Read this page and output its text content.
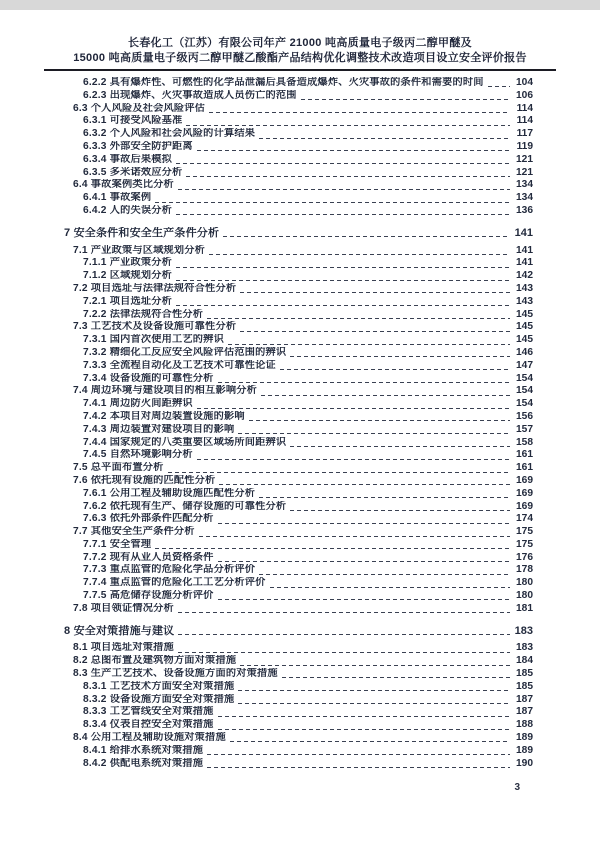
长春化工（江苏）有限公司年产 21000 吨高质量电子级丙二醇甲醚及
15000 吨高质量电子级丙二醇甲醚乙酸酯产品结构优化调整技术改造项目设立安全评价报告
6.2.2 具有爆炸性、可燃性的化学品泄漏后具备造成爆炸、火灾事故的条件和需要的时间	104
6.2.3 出现爆炸、火灾事故造成人员伤亡的范围	106
6.3 个人风险及社会风险评估	114
6.3.1 可接受风险基准	114
6.3.2 个人风险和社会风险的计算结果	117
6.3.3 外部安全防护距离	119
6.3.4 事故后果模拟	121
6.3.5 多米诺效应分析	121
6.4 事故案例类比分析	134
6.4.1 事故案例	134
6.4.2 人的失误分析	136
7 安全条件和安全生产条件分析	141
7.1 产业政策与区域规划分析	141
7.1.1 产业政策分析	141
7.1.2 区域规划分析	142
7.2 项目选址与法律法规符合性分析	143
7.2.1 项目选址分析	143
7.2.2 法律法规符合性分析	145
7.3 工艺技术及设备设施可靠性分析	145
7.3.1 国内首次使用工艺的辨识	145
7.3.2 精细化工反应安全风险评估范围的辨识	146
7.3.3 全流程自动化及工艺技术可靠性论证	147
7.3.4 设备设施的可靠性分析	154
7.4 周边环境与建设项目的相互影响分析	154
7.4.1 周边防火间距辨识	154
7.4.2 本项目对周边装置设施的影响	156
7.4.3 周边装置对建设项目的影响	157
7.4.4 国家规定的八类重要区域场所间距辨识	158
7.4.5 自然环境影响分析	161
7.5 总平面布置分析	161
7.6 依托现有设施的匹配性分析	169
7.6.1 公用工程及辅助设施匹配性分析	169
7.6.2 依托现有生产、储存设施的可靠性分析	169
7.6.3 依托外部条件匹配分析	174
7.7 其他安全生产条件分析	175
7.7.1 安全管理	175
7.7.2 现有从业人员资格条件	176
7.7.3 重点监管的危险化学品分析评价	178
7.7.4 重点监管的危险化工工艺分析评价	180
7.7.5 高危储存设施分析评价	180
7.8 项目领证情况分析	181
8 安全对策措施与建议	183
8.1 项目选址对策措施	183
8.2 总图布置及建筑物方面对策措施	184
8.3 生产工艺技术、设备设施方面的对策措施	185
8.3.1 工艺技术方面安全对策措施	185
8.3.2 设备设施方面安全对策措施	187
8.3.3 工艺管线安全对策措施	187
8.3.4 仪表自控安全对策措施	188
8.4 公用工程及辅助设施对策措施	189
8.4.1 给排水系统对策措施	189
8.4.2 供配电系统对策措施	190
3
